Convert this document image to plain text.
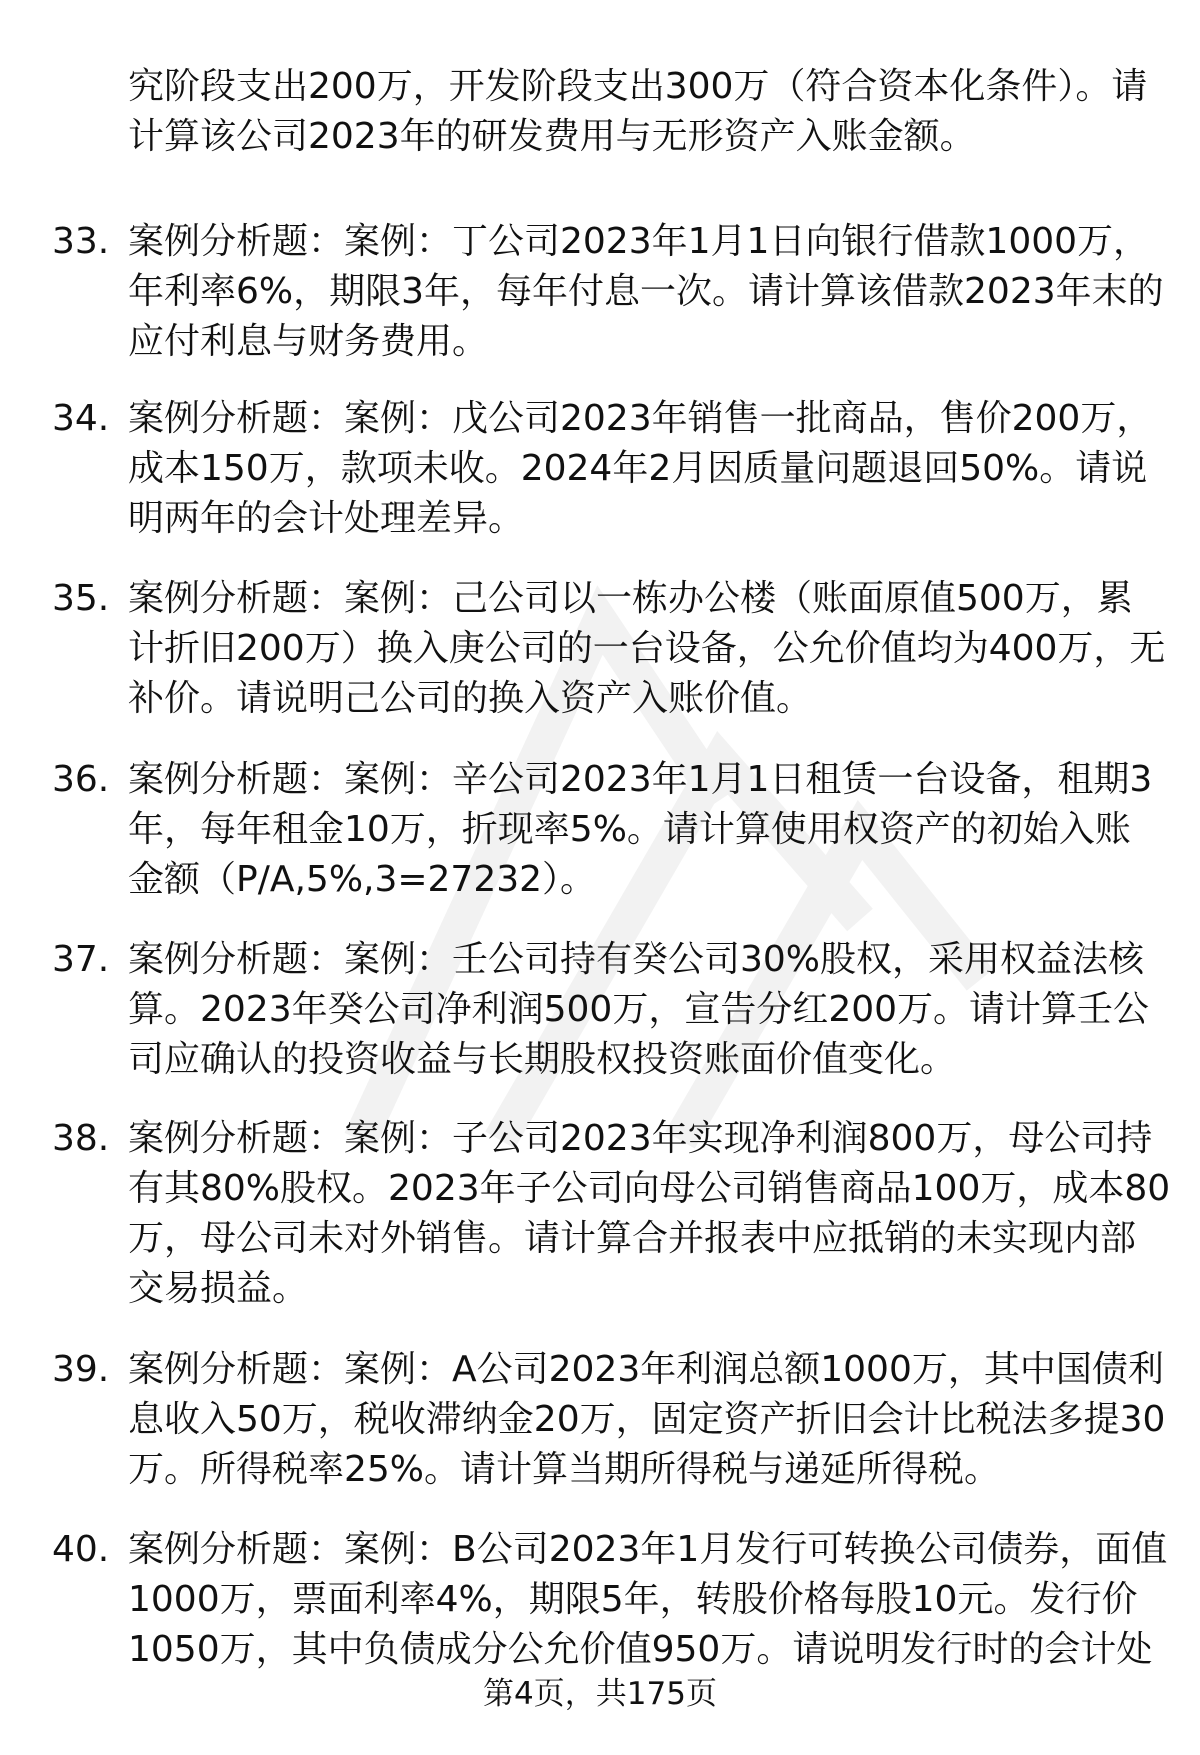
究阶段支出200万，开发阶段支出300万（符合资本化条件）。请
计算该公司2023年的研发费用与无形资产入账金额。
33. 案例分析题：案例：丁公司2023年1月1日向银行借款1000万，
年利率6%，期限3年，每年付息一次。请计算该借款2023年末的
应付利息与财务费用。
34. 案例分析题：案例：戊公司2023年销售一批商品，售价200万，
成本150万，款项未收。2024年2月因质量问题退回50%。请说
明两年的会计处理差异。
35. 案例分析题：案例：己公司以一栋办公楼（账面原值500万，累
计折旧200万）换入庚公司的一台设备，公允价值均为400万，无
补价。请说明己公司的换入资产入账价值。
36. 案例分析题：案例：辛公司2023年1月1日租赁一台设备，租期3
年，每年租金10万，折现率5%。请计算使用权资产的初始入账
金额（P/A,5%,3=27232）。
37. 案例分析题：案例：壬公司持有癸公司30%股权，采用权益法核
算。2023年癸公司净利润500万，宣告分红200万。请计算壬公
司应确认的投资收益与长期股权投资账面价值变化。
38. 案例分析题：案例：子公司2023年实现净利润800万，母公司持
有其80%股权。2023年子公司向母公司销售商品100万，成本80
万，母公司未对外销售。请计算合并报表中应抵销的未实现内部
交易损益。
39. 案例分析题：案例：A公司2023年利润总额1000万，其中国债利
息收入50万，税收滞纳金20万，固定资产折旧会计比税法多提30
万。所得税率25%。请计算当期所得税与递延所得税。
40. 案例分析题：案例：B公司2023年1月发行可转换公司债券，面值
1000万，票面利率4%，期限5年，转股价格每股10元。发行价
1050万，其中负债成分公允价值950万。请说明发行时的会计处
第4页，共175页
